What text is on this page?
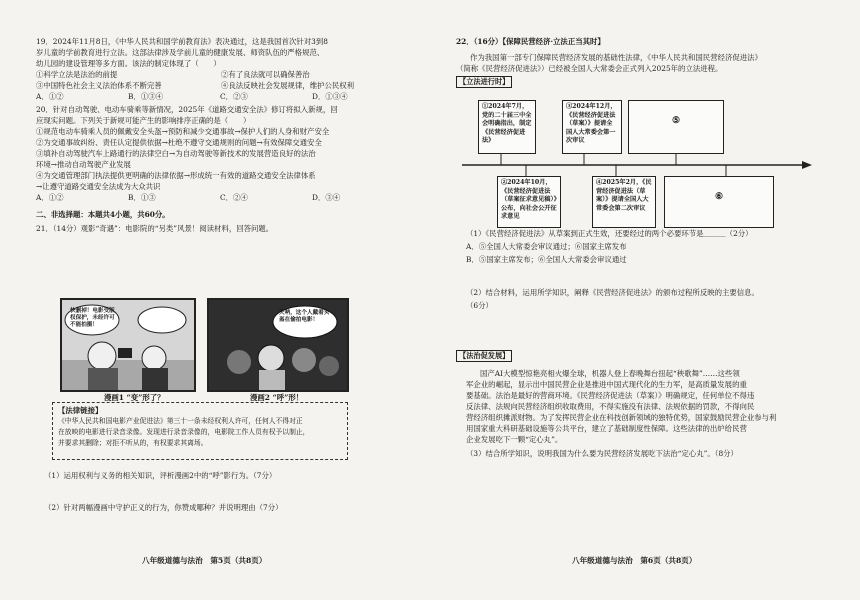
19．2024年11月8日，《中华人民共和国学前教育法》表决通过，这是我国首次针对3到8

岁儿童的学前教育进行立法。这部法律涉及学前儿童的健康发展、师资队伍的严格规范、

幼儿园的建设管理等多方面。该法的制定体现了（　　）

①科学立法是法治的前提	②有了良法就可以确保善治

③中国特色社会主义法治体系不断完善	④良法反映社会发展规律，维护公民权利

A．①②	B．①③④	C．②③	D．①③④

20．针对自动驾驶、电动车骑乘等新情况，2025年《道路交通安全法》修订将拟入新规，回

应现实问题。下列关于新规可能产生的影响排序正确的是（　　）

①规范电动车骑乘人员的佩戴安全头盔→预防和减少交通事故→保护人们的人身和财产安全

②为交通事故纠纷、责任认定提供依据→杜绝不遵守交通规则的问题→有效保障交通安全

③填补自动驾驶汽车上路通行的法律空白→为自动驾驶等新技术的发展营造良好的法治

环境→推动自动驾驶产业发展

④为交通管理部门执法提供更明确的法律依据→形成统一有效的道路交通安全法律体系

→让遵守道路交通安全法成为大众共识

A．①②	B．①③	C．②④	D．③④

二、非选择题：本题共4小题，共60分。

21．（14分）观影“奇遇”：电影院的“另类”风景！阅读材料，回答问题。

快删掉！电影受版权保护，未经许可不能拍摄！
天呐，这个人戴着头盔在偷拍电影！

漫画1 “变”形了？	漫画2 “呼”形！

【法律链接】

《中华人民共和国电影产业促进法》第三十一条未经权利人许可，任何人不得对正

在放映的电影进行录音录像。发现进行录音录像的，电影院工作人员有权予以制止，

并要求其删除；对拒不听从的，有权要求其离场。

（1）运用权利与义务的相关知识，评析漫画2中的“呼”影行为。（7分）

（2）针对两幅漫画中守护正义的行为，你赞成哪种？并说明理由（7分）

八年级道德与法治　第5页（共8页）

22．（16分）【保障民营经济·立法正当其时】

作为我国第一部专门保障民营经济发展的基础性法律，《中华人民共和国民营经济促进法》

（简称《民营经济促进法》）已经被全国人大常委会正式列入2025年的立法进程。

【立法进行时】

①2024年7月，党的二十届三中全会明确指出，制定《民营经济促进法》
③2024年12月，《民营经济促进法（草案）》提请全国人大常委会第一次审议
⑤
②2024年10月，《民营经济促进法（草案征求意见稿）》公布，向社会公开征求意见
④2025年2月，《民营经济促进法（草案）》提请全国人大常委会第二次审议
⑥

（1）《民营经济促进法》从草案到正式生效，还要经过的两个必要环节是＿＿＿（2分）

A．⑤全国人大常委会审议通过；⑥国家主席发布

B．⑤国家主席发布；⑥全国人大常委会审议通过

（2）结合材料，运用所学知识，阐释《民营经济促进法》的颁布过程所反映的主要信息。

（6分）

【法治促发展】

国产AI大模型惊艳亮相火爆全球，机器人登上春晚舞台扭起“秧歌舞”……这些领

军企业的崛起，显示出中国民营企业是推进中国式现代化的生力军，是高质量发展的重

要基础。法治是最好的营商环境。《民营经济促进法（草案）》明确规定，任何单位不得违

反法律、法规向民营经济组织收取费用，不得实施没有法律、法规依据的罚款，不得向民

营经济组织摊派财物。为了发挥民营企业在科技创新领域的独特优势，国家鼓励民营企业参与利

用国家重大科研基础设施等公共平台，建立了基础制度性保障。这些法律的出炉给民营

企业发展吃下一颗“定心丸”。

（3）结合所学知识，说明我国为什么要为民营经济发展吃下法治“定心丸”。（8分）

八年级道德与法治　第6页（共8页）
